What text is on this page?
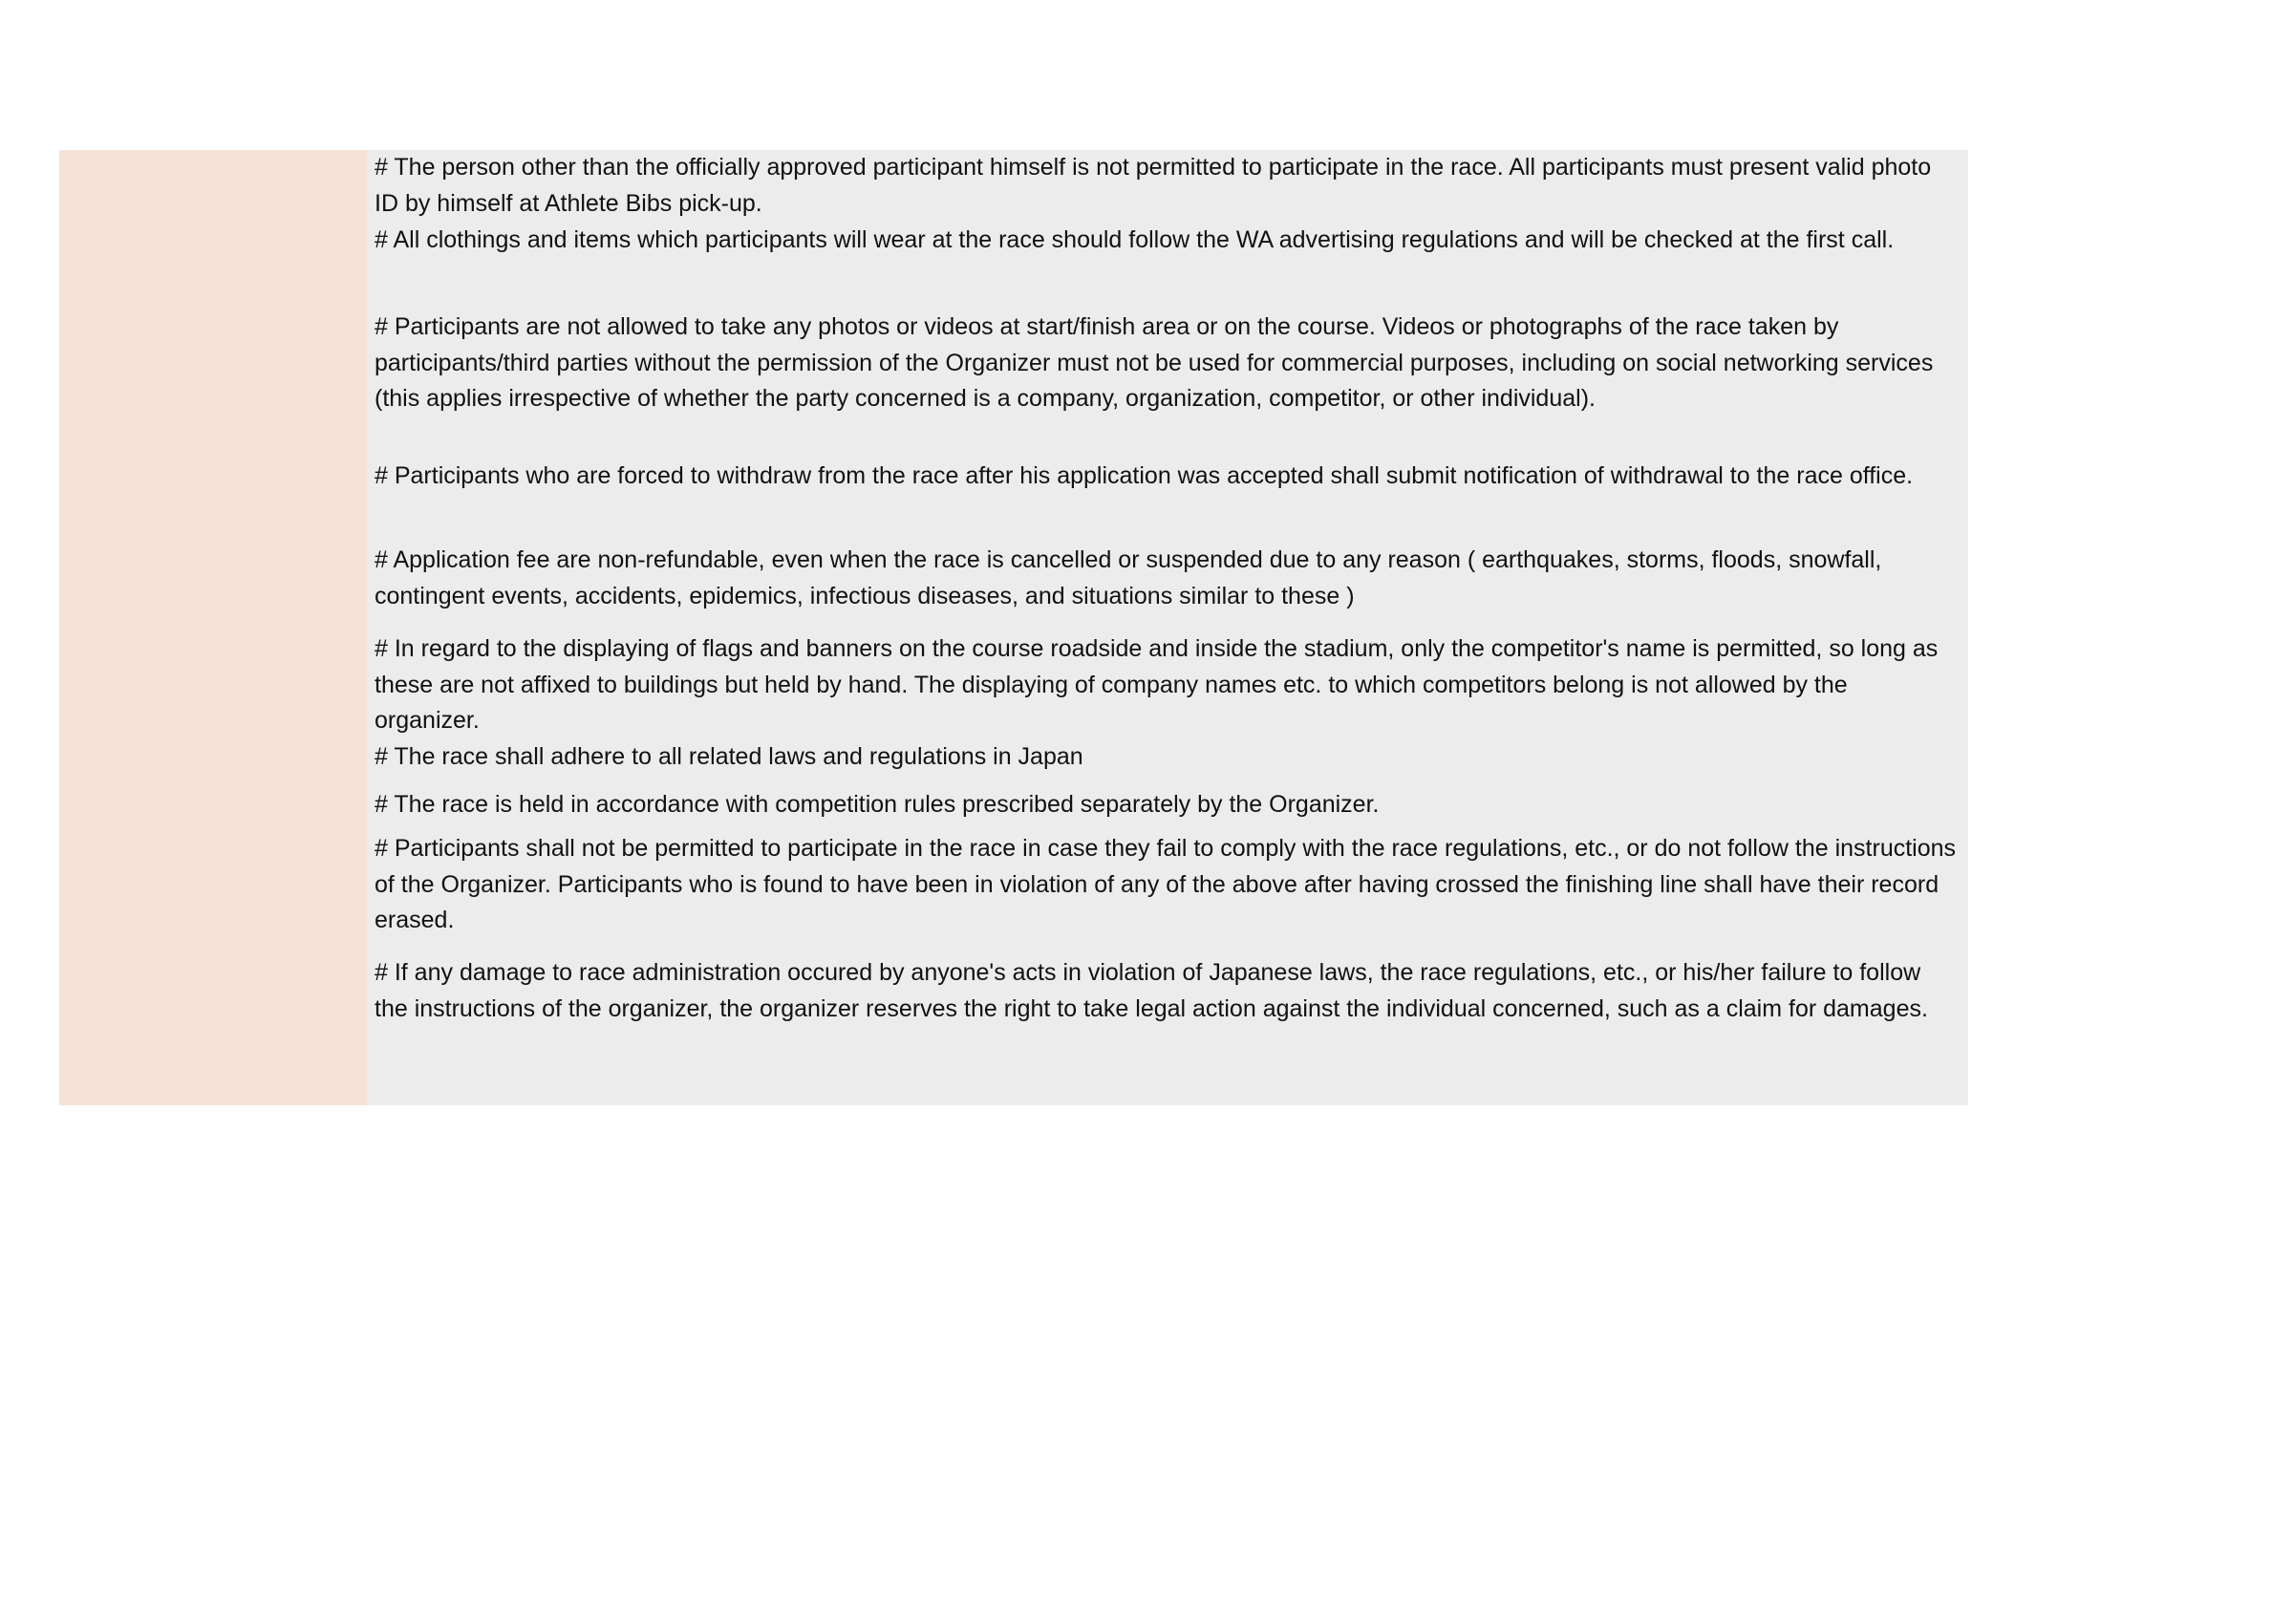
# The person other than the officially approved participant himself is not permitted to participate in the race. All participants must present valid photo ID by himself at Athlete Bibs pick-up.

# All clothings and items which participants will wear at the race should follow the WA advertising regulations and will be checked at the first call.

# Participants are not allowed to take any photos or videos at start/finish area or on the course. Videos or photographs of the race taken by participants/third parties without the permission of the Organizer must not be used for commercial purposes, including on social networking services (this applies irrespective of whether the party concerned is a company, organization, competitor, or other individual).

# Participants who are forced to withdraw from the race after his application was accepted shall submit notification of withdrawal to the race office.

# Application fee are non-refundable, even when the race is cancelled or suspended due to any reason ( earthquakes, storms, floods, snowfall, contingent events, accidents, epidemics, infectious diseases, and situations similar to these )

# In regard to the displaying of flags and banners on the course roadside and inside the stadium, only the competitor's name is permitted, so long as these are not affixed to buildings but held by hand. The displaying of company names etc. to which competitors belong is not allowed by the organizer.

# The race shall adhere to all related laws and regulations in Japan

# The race is held in accordance with competition rules prescribed separately by the Organizer.

# Participants shall not be permitted to participate in the race in case they fail to comply with the race regulations, etc., or do not follow the instructions of the Organizer. Participants who is found to have been in violation of any of the above after having crossed the finishing line shall have their record erased.

# If any damage to race administration occured by anyone's acts in violation of Japanese laws, the race regulations, etc., or his/her failure to follow the instructions of the organizer, the organizer reserves the right to take legal action against the individual concerned, such as a claim for damages.
